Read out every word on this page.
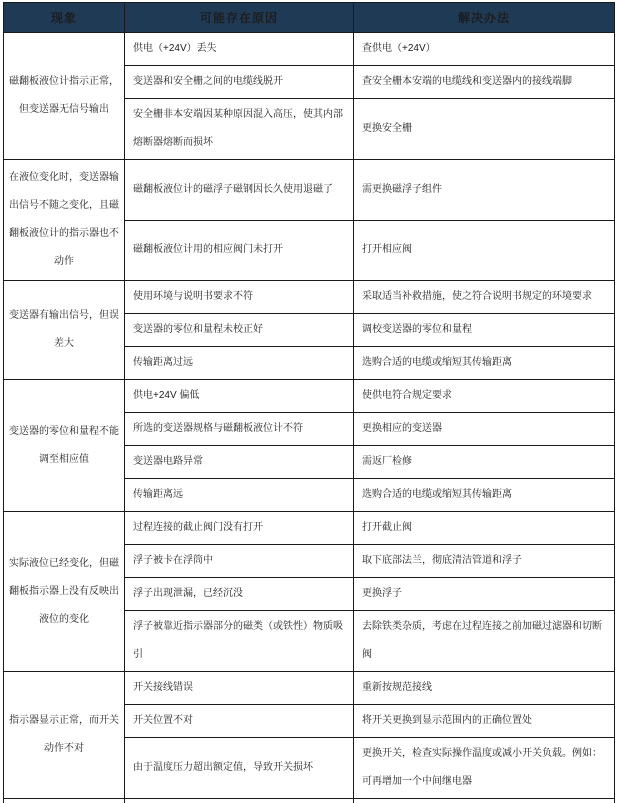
现象	可能存在原因	解决办法
磁翻板液位计指示正常，但变送器无信号输出	供电（+24V）丢失	查供电（+24V）
	变送器和安全栅之间的电缆线脱开	查安全栅本安端的电缆线和变送器内的接线端脚
	安全栅非本安端因某种原因混入高压，使其内部熔断器熔断而损坏	更换安全栅
在液位变化时，变送器输出信号不随之变化，且磁翻板液位计的指示器也不动作	磁翻板液位计的磁浮子磁钢因长久使用退磁了	需更换磁浮子组件
	磁翻板液位计用的相应阀门未打开	打开相应阀
变送器有输出信号，但误差大	使用环境与说明书要求不符	采取适当补救措施，使之符合说明书规定的环境要求
	变送器的零位和量程未校正好	调校变送器的零位和量程
	传输距离过远	选购合适的电缆或缩短其传输距离
变送器的零位和量程不能调至相应值	供电+24V 偏低	使供电符合规定要求
	所选的变送器规格与磁翻板液位计不符	更换相应的变送器
	变送器电路异常	需返厂检修
	传输距离远	选购合适的电缆或缩短其传输距离
实际液位已经变化，但磁翻板指示器上没有反映出液位的变化	过程连接的截止阀门没有打开	打开截止阀
	浮子被卡在浮筒中	取下底部法兰，彻底清洁管道和浮子
	浮子出现泄漏，已经沉没	更换浮子
	浮子被靠近指示器部分的磁类（或铁性）物质吸引	去除铁类杂质，考虑在过程连接之前加磁过滤器和切断阀
指示器显示正常，而开关动作不对	开关接线错误	重新按规范接线
	开关位置不对	将开关更换到显示范围内的正确位置处
	由于温度压力超出额定值，导致开关损坏	更换开关，检查实际操作温度或减小开关负载。例如：可再增加一个中间继电器
